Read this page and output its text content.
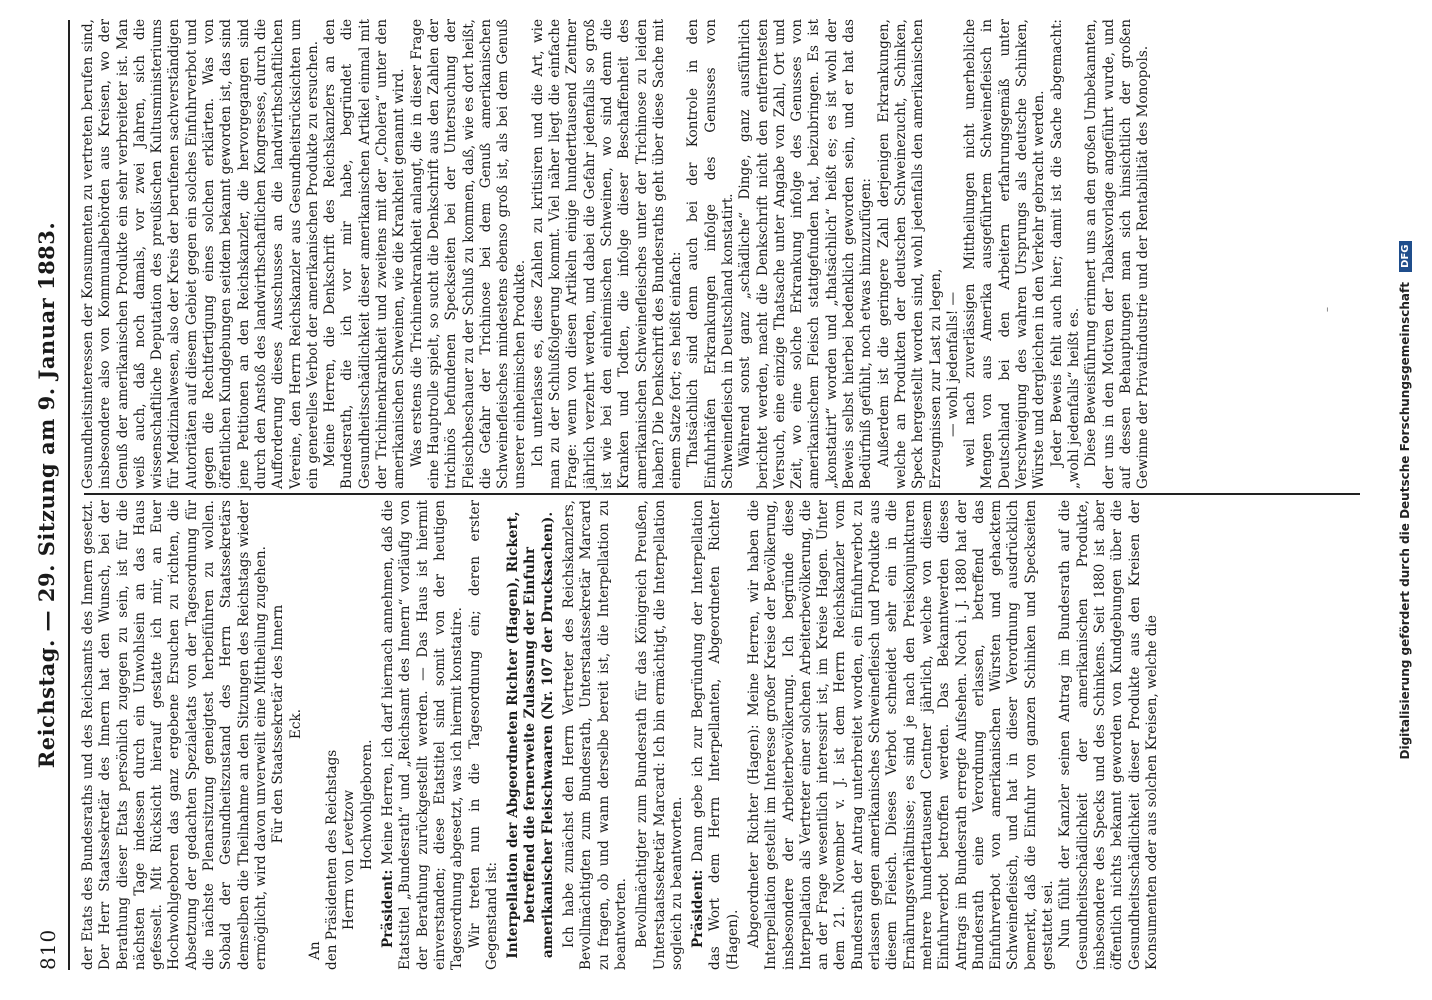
810
Reichstag. — 29. Sitzung am 9. Januar 1883. der Etats des Bundesraths und des Reichsamts des Innern gesetzt. Der Herr Staatssekretär des Innern hat den Wunsch, bei der Berathung dieser Etats persönlich zugegen zu sein, ist für die nächsten Tage indessen durch ein Unwohlsein an das Haus gefesselt. Mit Rücksicht hierauf gestatte ich mir, an Euer Hochwohlgeboren das ganz ergebene Ersuchen zu richten, die Absetzung der gedachten Spezialetats von der Tagesordnung für die nächste Plenarsitzung geneigtest herbeiführen zu wollen. Sobald der Gesundheitszustand des Herrn Staatssekretärs demselben die Theilnahme an den Sitzungen des Reichstags wieder ermöglicht, wird davon unverweilt eine Mittheilung zugehen. Für den Staatssekretär des Innern Eck.

An den Präsidenten des Reichstags Herrn von Levetzow Hochwohlgeboren.

Präsident: Meine Herren, ich darf hiernach annehmen, daß die Etatstitel „Bundesrath“ und „Reichsamt des Innern“ vorläufig von der Berathung zurückgestellt werden. — Das Haus ist hiermit einverstanden; diese Etatstitel sind somit von der heutigen Tagesordnung abgesetzt, was ich hiermit konstatire. Wir treten nun in die Tagesordnung ein; deren erster Gegenstand ist: Interpellation der Abgeordneten Richter (Hagen), Rickert, betreffend die fernerweite Zulassung der Einfuhr amerikanischer Fleischwaaren (Nr. 107 der Drucksachen). Ich habe zunächst den Herrn Vertreter des Reichskanzlers, Bevollmächtigten zum Bundesrath, Unterstaatssekretär Marcard zu fragen, ob und wann derselbe bereit ist, die Interpellation zu beantworten. Bevollmächtigter zum Bundesrath für das Königreich Preußen, Unterstaatssekretär Marcard: Ich bin ermächtigt, die Interpellation sogleich zu beantworten. Präsident: Dann gebe ich zur Begründung der Interpellation das Wort dem Herrn Interpellanten, Abgeordneten Richter (Hagen). Abgeordneter Richter (Hagen): Meine Herren, wir haben die Interpellation gestellt im Interesse großer Kreise der Bevölkerung, insbesondere der Arbeiterbevölkerung. Ich begründe diese Interpellation als Vertreter einer solchen Arbeiterbevölkerung, die an der Frage wesentlich interessirt ist, im Kreise Hagen. Unter dem 21. November v. J. ist dem Herrn Reichskanzler vom Bundesrath der Antrag unterbreitet worden, ein Einfuhrverbot zu erlassen gegen amerikanisches Schweinefleisch und Produkte aus diesem Fleisch. Dieses Verbot schneidet sehr ein in die Ernährungsverhältnisse; es sind je nach den Preiskonjunkturen mehrere hunderttausend Centner jährlich, welche von diesem Einfuhrverbot betroffen werden. Das Bekanntwerden dieses Antrags im Bundesrath erregte Aufsehen. Noch i. J. 1880 hat der Bundesrath eine Verordnung erlassen, betreffend das Einfuhrverbot von amerikanischen Würsten und gehacktem Schweinefleisch, und hat in dieser Verordnung ausdrücklich bemerkt, daß die Einfuhr von ganzen Schinken und Speckseiten gestattet sei. Nun fühlt der Kanzler seinen Antrag im Bundesrath auf die Gesundheitsschädlichkeit der amerikanischen Produkte, insbesondere des Specks und des Schinkens. Seit 1880 ist aber öffentlich nichts bekannt geworden von Kundgebungen über die Gesundheitsschädlichkeit dieser Produkte aus den Kreisen der Konsumenten oder aus solchen Kreisen, welche die

Gesundheitsinteressen der Konsumenten zu vertreten berufen sind, insbesondere also von Kommunalbehörden aus Kreisen, wo der Genuß der amerikanischen Produkte ein sehr verbreiteter ist. Man weiß auch, daß noch damals, vor zwei Jahren, sich die wissenschaftliche Deputation des preußischen Kultusministeriums für Medizinalwesen, also der Kreis der berufenen sachverständigen Autoritäten auf diesem Gebiet gegen ein solches Einfuhrverbot und gegen die Rechtfertigung eines solchen erklärten. Was von öffentlichen Kundgebungen seitdem bekannt geworden ist, das sind jene Petitionen an den Reichskanzler, die hervorgegangen sind durch den Anstoß des landwirthschaftlichen Kongresses, durch die Aufforderung dieses Ausschusses an die landwirthschaftlichen Vereine, den Herrn Reichskanzler aus Gesundheitsrücksichten um ein generelles Verbot der amerikanischen Produkte zu ersuchen. Meine Herren, die Denkschrift des Reichskanzlers an den Bundesrath, die ich vor mir habe, begründet die Gesundheitsschädlichkeit dieser amerikanischen Artikel einmal mit der Trichinenkrankheit und zweitens mit der „Cholera“ unter den amerikanischen Schweinen, wie die Krankheit genannt wird. Was erstens die Trichinenkrankheit anlangt, die in dieser Frage eine Hauptrolle spielt, so sucht die Denkschrift aus den Zahlen der trichinös befundenen Speckseiten bei der Untersuchung der Fleischbeschauer zu der Schluß zu kommen, daß, wie es dort heißt, die Gefahr der Trichinose bei dem Genuß amerikanischen Schweinefleisches mindestens ebenso groß ist, als bei dem Genuß unserer einheimischen Produkte. Ich unterlasse es, diese Zahlen zu kritisiren und die Art, wie man zu der Schlußfolgerung kommt. Viel näher liegt die einfache Frage: wenn von diesen Artikeln einige hunderttausend Zentner jährlich verzehrt werden, und dabei die Gefahr jedenfalls so groß ist wie bei den einheimischen Schweinen, wo sind denn die Kranken und Todten, die infolge dieser Beschaffenheit des amerikanischen Schweinefleisches unter der Trichinose zu leiden haben? Die Denkschrift des Bundesraths geht über diese Sache mit einem Satze fort; es heißt einfach: Thatsächlich sind denn auch bei der Kontrole in den Einfuhrhäfen Erkrankungen infolge des Genusses von Schweinefleisch in Deutschland konstatirt. Während sonst ganz „schädliche“ Dinge, ganz ausführlich berichtet werden, macht die Denkschrift nicht den entferntesten Versuch, eine einzige Thatsache unter Angabe von Zahl, Ort und Zeit, wo eine solche Erkrankung infolge des Genusses von amerikanischem Fleisch stattgefunden hat, beizubringen. Es ist „konstatirt“ worden und „thatsächlich“ heißt es; es ist wohl der Beweis selbst hierbei bedenklich geworden sein, und er hat das Bedürfniß gefühlt, noch etwas hinzuzufügen: Außerdem ist die geringere Zahl derjenigen Erkrankungen, welche an Produkten der deutschen Schweinezucht, Schinken, Speck hergestellt worden sind, wohl jedenfalls den amerikanischen Erzeugnissen zur Last zu legen, — wohl jedenfalls! — weil nach zuverlässigen Mittheilungen nicht unerhebliche Mengen von aus Amerika ausgeführtem Schweinefleisch in Deutschland bei den Arbeitern erfahrungsgemäß unter Verschweigung des wahren Ursprungs als deutsche Schinken, Würste und dergleichen in den Verkehr gebracht werden. Jeder Beweis fehlt auch hier; damit ist die Sache abgemacht: „wohl jedenfalls“ heißt es. Diese Beweisführung erinnert uns an den großen Umbekannten, der uns in den Motiven der Tabaksvorlage angeführt wurde, und auf dessen Behauptungen man sich hinsichtlich der großen Gewinne der Privatindustrie und der Rentabilität des Monopols.	–	Digitalisierung gefördert durch die Deutsche Forschungsgemeinschaft DFG
